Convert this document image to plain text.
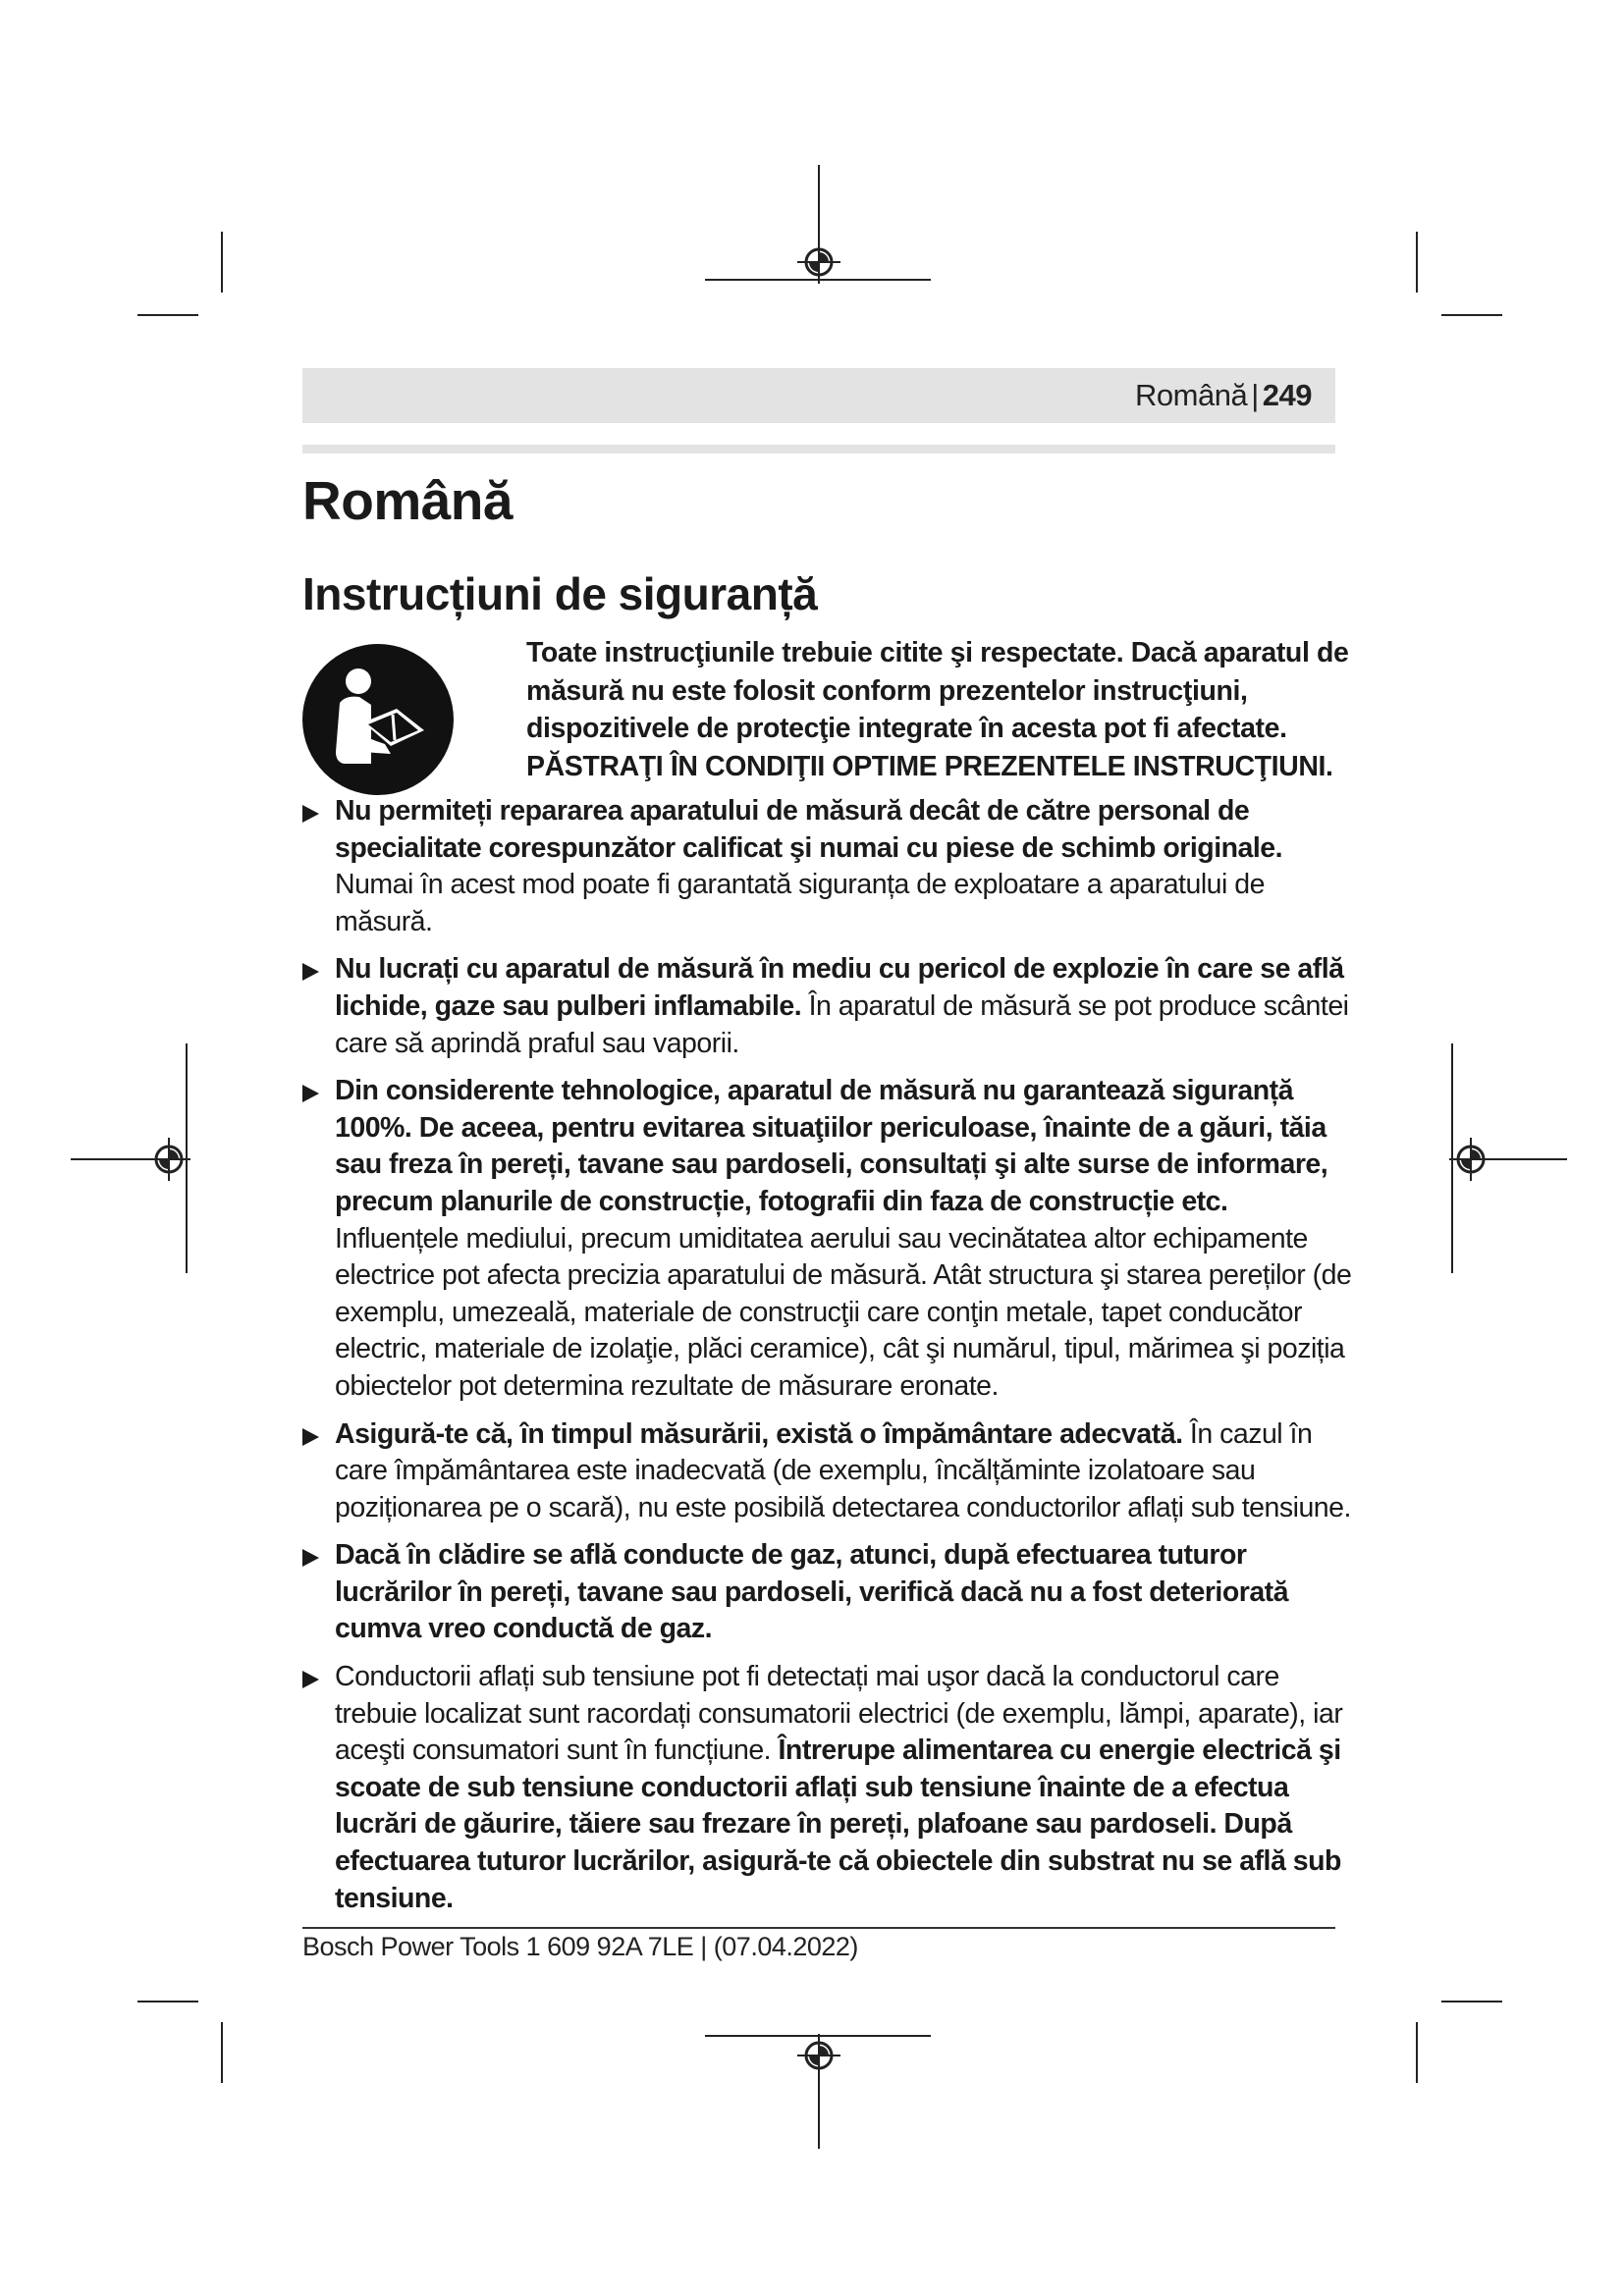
Română | 249
Română
Instrucțiuni de siguranță
Toate instrucţiunile trebuie citite şi respectate. Dacă aparatul de
măsură nu este folosit conform prezentelor instrucţiuni,
dispozitivele de protecţie integrate în acesta pot fi afectate.
PĂSTRAŢI ÎN CONDIŢII OPTIME PREZENTELE INSTRUCŢIUNI.
Nu permiteți repararea aparatului de măsură decât de către personal de specialitate corespunzător calificat şi numai cu piese de schimb originale. Numai în acest mod poate fi garantată siguranța de exploatare a aparatului de măsură.
Nu lucrați cu aparatul de măsură în mediu cu pericol de explozie în care se află lichide, gaze sau pulberi inflamabile. În aparatul de măsură se pot produce scântei care să aprindă praful sau vaporii.
Din considerente tehnologice, aparatul de măsură nu garantează siguranță 100%. De aceea, pentru evitarea situaţiilor periculoase, înainte de a găuri, tăia sau freza în pereți, tavane sau pardoseli, consultați şi alte surse de informare, precum planurile de construcție, fotografii din faza de construcție etc. Influențele mediului, precum umiditatea aerului sau vecinătatea altor echipamente electrice pot afecta precizia aparatului de măsură. Atât structura şi starea pereților (de exemplu, umezeală, materiale de construcţii care conţin metale, tapet conducător electric, materiale de izolaţie, plăci ceramice), cât şi numărul, tipul, mărimea şi poziția obiectelor pot determina rezultate de măsurare eronate.
Asigură-te că, în timpul măsurării, există o împământare adecvată. În cazul în care împământarea este inadecvată (de exemplu, încălțăminte izolatoare sau poziționarea pe o scară), nu este posibilă detectarea conductorilor aflați sub tensiune.
Dacă în clădire se află conducte de gaz, atunci, după efectuarea tuturor lucrărilor în pereți, tavane sau pardoseli, verifică dacă nu a fost deteriorată cumva vreo conductă de gaz.
Conductorii aflați sub tensiune pot fi detectați mai uşor dacă la conductorul care trebuie localizat sunt racordați consumatorii electrici (de exemplu, lămpi, aparate), iar aceşti consumatori sunt în funcțiune. Întrerupe alimentarea cu energie electrică şi scoate de sub tensiune conductorii aflați sub tensiune înainte de a efectua lucrări de găurire, tăiere sau frezare în pereți, plafoane sau pardoseli. După efectuarea tuturor lucrărilor, asigură-te că obiectele din substrat nu se află sub tensiune.
Bosch Power Tools 1 609 92A 7LE | (07.04.2022)
